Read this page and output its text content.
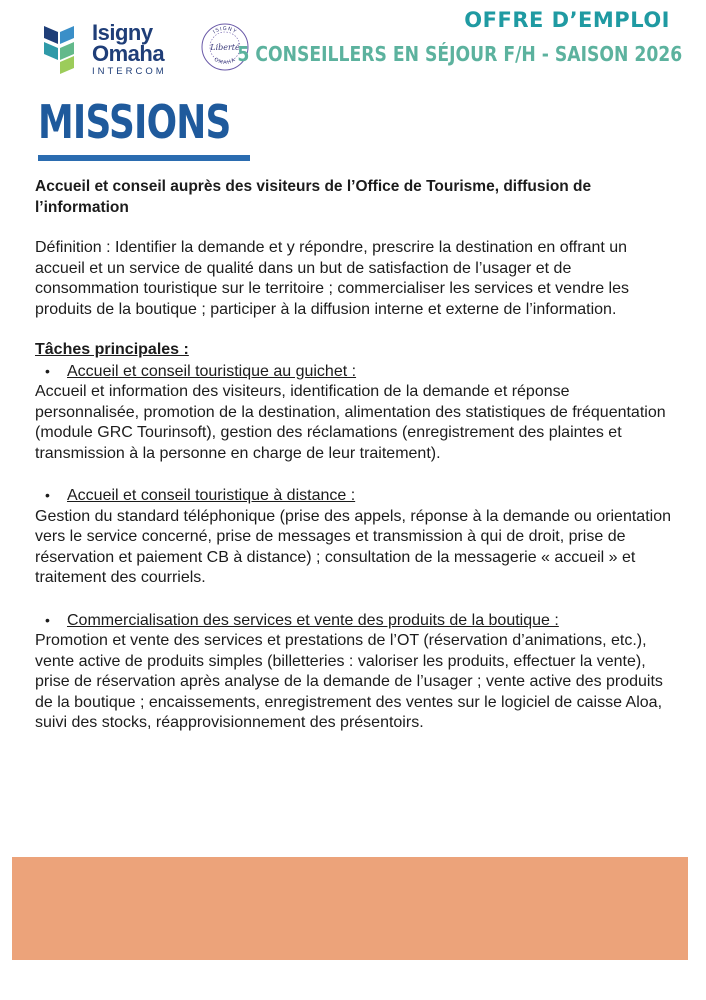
Isigny
Omaha
INTERCOM
ISIGNY
OMAHA
Liberté
OFFRE D’EMPLOI
5 CONSEILLERS EN SÉJOUR F/H - SAISON 2026
MISSIONS

Accueil et conseil auprès des visiteurs de l’Office de Tourisme, diffusion de l’information

Définition : Identifier la demande et y répondre, prescrire la destination en offrant un accueil et un service de qualité dans un but de satisfaction de l’usager et de consommation touristique sur le territoire ; commercialiser les services et vendre les produits de la boutique ; participer à la diffusion interne et externe de l’information.

Tâches principales :

• Accueil et conseil touristique au guichet :

Accueil et information des visiteurs, identification de la demande et réponse personnalisée, promotion de la destination, alimentation des statistiques de fréquentation (module GRC Tourinsoft), gestion des réclamations (enregistrement des plaintes et transmission à la personne en charge de leur traitement).

• Accueil et conseil touristique à distance :

Gestion du standard téléphonique (prise des appels, réponse à la demande ou orientation vers le service concerné, prise de messages et transmission à qui de droit, prise de réservation et paiement CB à distance) ; consultation de la messagerie « accueil » et traitement des courriels.

• Commercialisation des services et vente des produits de la boutique :

Promotion et vente des services et prestations de l’OT (réservation d’animations, etc.), vente active de produits simples (billetteries : valoriser les produits, effectuer la vente), prise de réservation après analyse de la demande de l’usager ; vente active des produits de la boutique ; encaissements, enregistrement des ventes sur le logiciel de caisse Aloa, suivi des stocks, réapprovisionnement des présentoirs.
